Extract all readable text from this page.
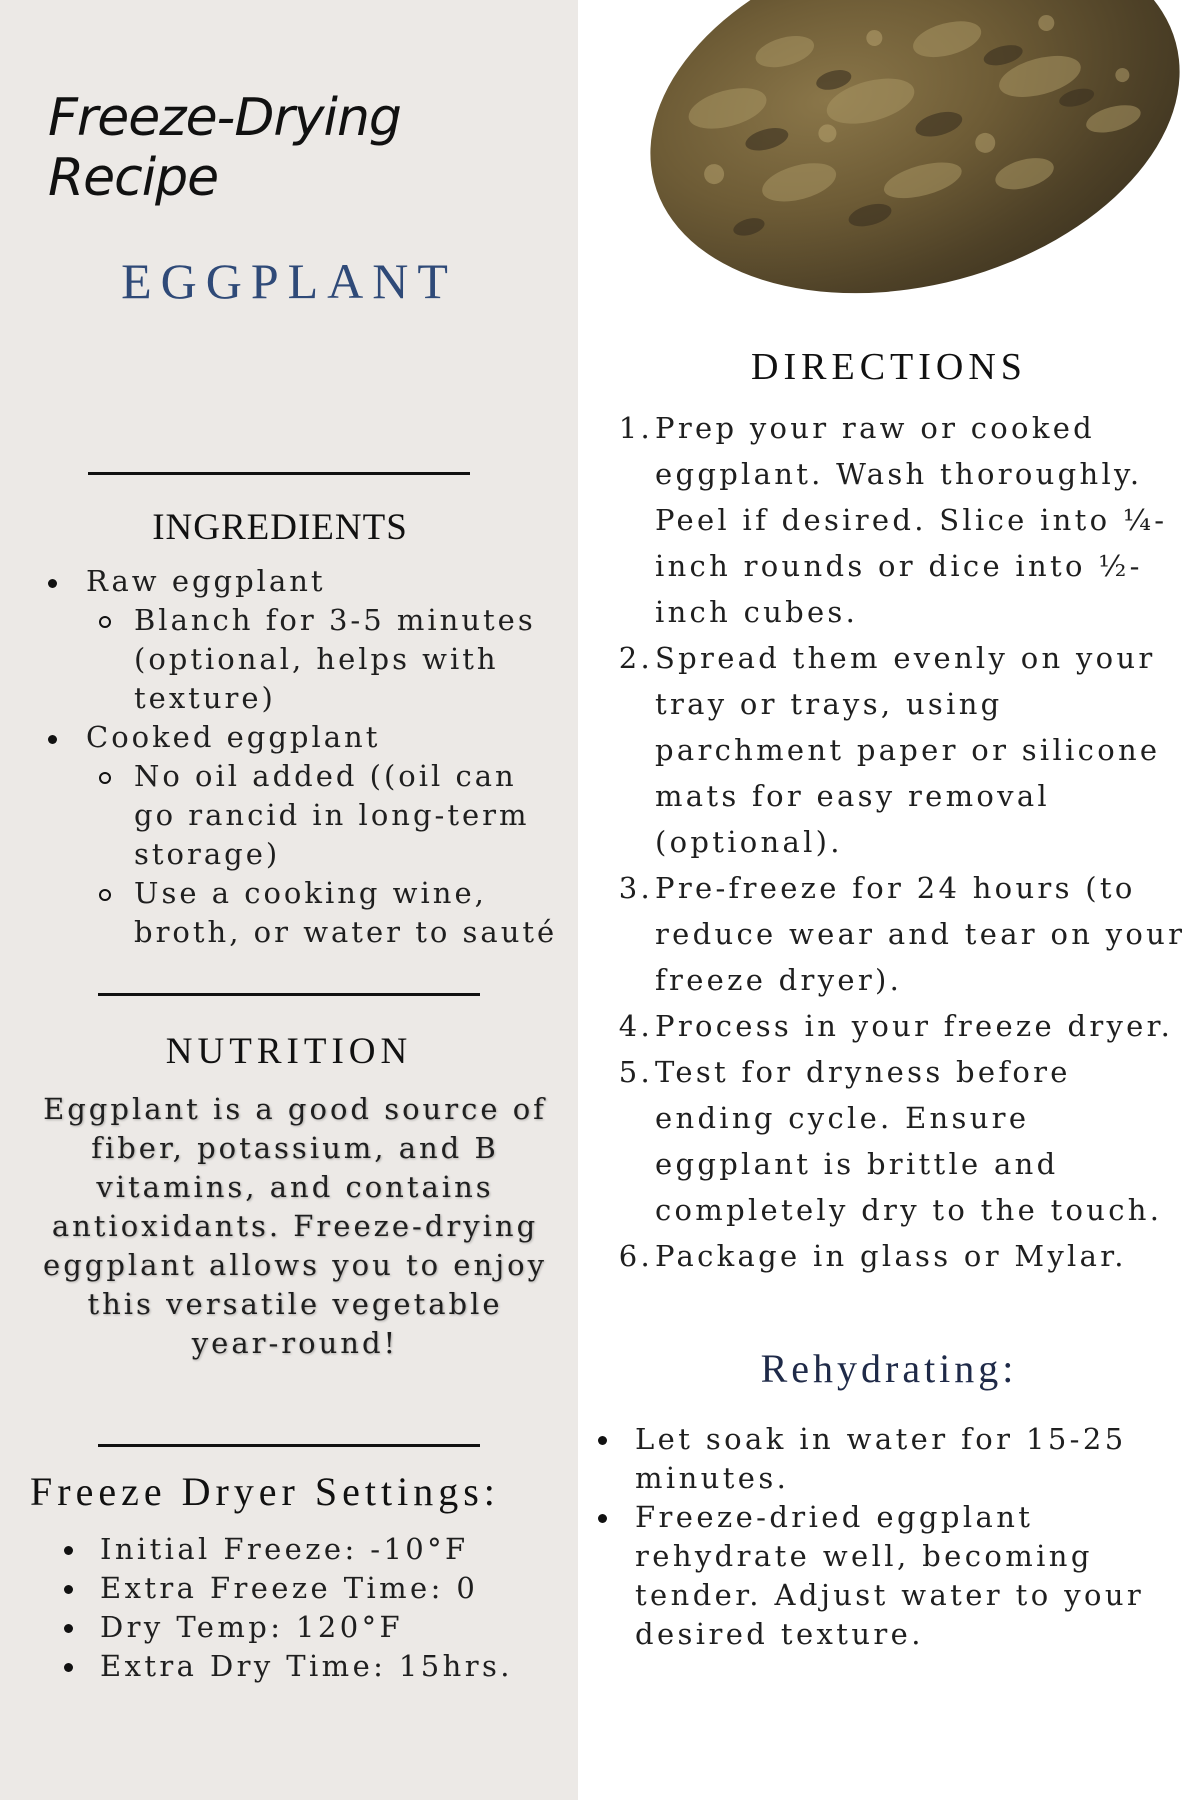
Freeze-Drying Recipe
EGGPLANT
INGREDIENTS
Raw eggplant
Blanch for 3-5 minutes (optional, helps with texture)
Cooked eggplant
No oil added ((oil can go rancid in long-term storage)
Use a cooking wine, broth, or water to sauté
NUTRITION
Eggplant is a good source of fiber, potassium, and B vitamins, and contains antioxidants. Freeze-drying eggplant allows you to enjoy this versatile vegetable year-round!
Freeze Dryer Settings:
Initial Freeze: -10°F
Extra Freeze Time: 0
Dry Temp: 120°F
Extra Dry Time: 15hrs.
DIRECTIONS
1. Prep your raw or cooked eggplant. Wash thoroughly. Peel if desired. Slice into ¼-inch rounds or dice into ½-inch cubes.
2. Spread them evenly on your tray or trays, using parchment paper or silicone mats for easy removal (optional).
3. Pre-freeze for 24 hours (to reduce wear and tear on your freeze dryer).
4. Process in your freeze dryer.
5. Test for dryness before ending cycle. Ensure eggplant is brittle and completely dry to the touch.
6. Package in glass or Mylar.
Rehydrating:
Let soak in water for 15-25 minutes.
Freeze-dried eggplant rehydrate well, becoming tender. Adjust water to your desired texture.
